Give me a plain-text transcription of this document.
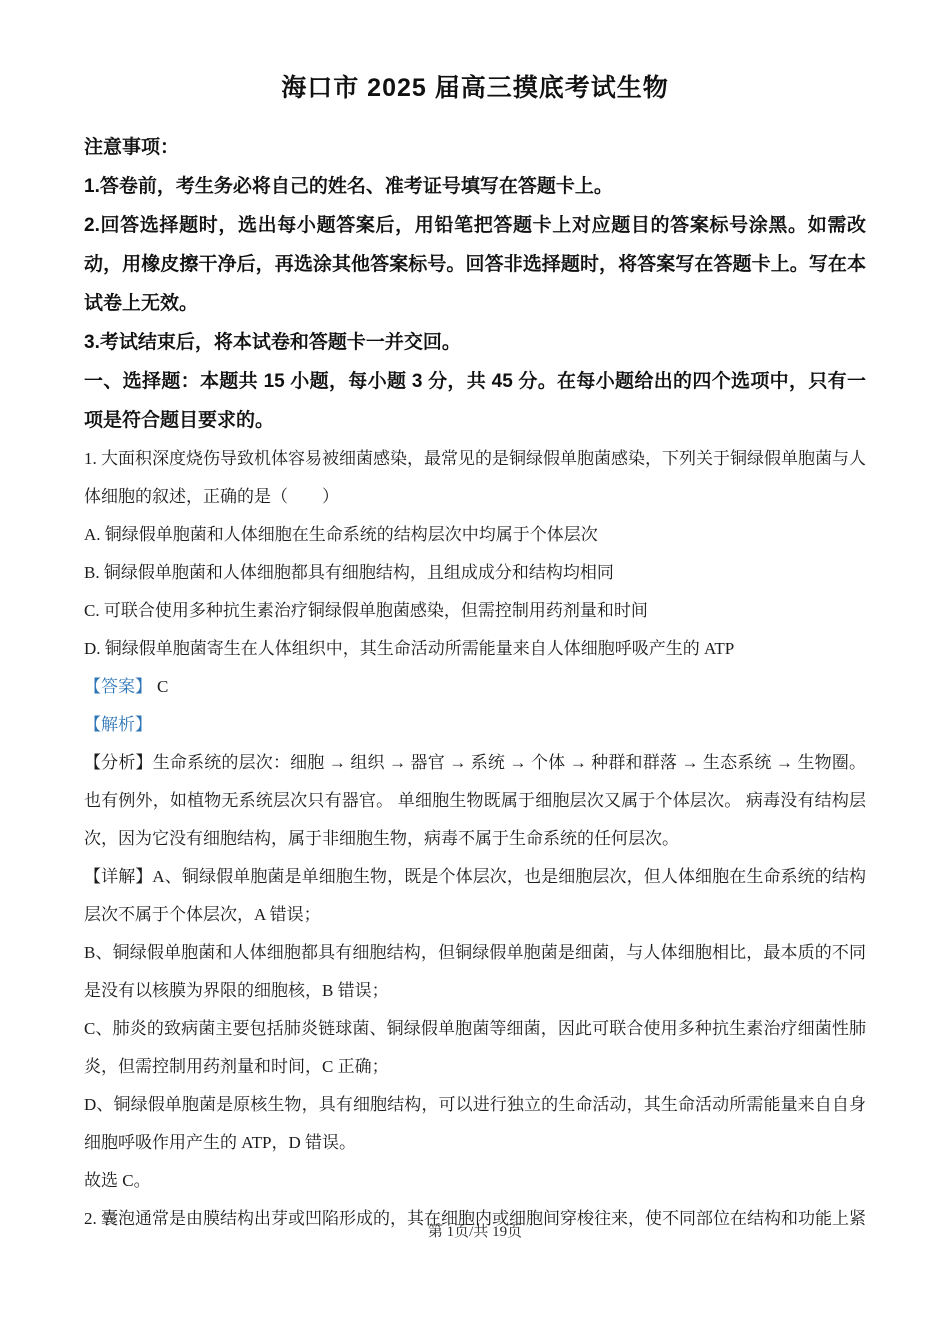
海口市 2025 届高三摸底考试生物

注意事项：

1.答卷前，考生务必将自己的姓名、准考证号填写在答题卡上。

2.回答选择题时，选出每小题答案后，用铅笔把答题卡上对应题目的答案标号涂黑。如需改动，用橡皮擦干净后，再选涂其他答案标号。回答非选择题时，将答案写在答题卡上。写在本试卷上无效。

3.考试结束后，将本试卷和答题卡一并交回。

一、选择题：本题共 15 小题，每小题 3 分，共 45 分。在每小题给出的四个选项中，只有一项是符合题目要求的。

1. 大面积深度烧伤导致机体容易被细菌感染，最常见的是铜绿假单胞菌感染，下列关于铜绿假单胞菌与人体细胞的叙述，正确的是（　　）

A. 铜绿假单胞菌和人体细胞在生命系统的结构层次中均属于个体层次

B. 铜绿假单胞菌和人体细胞都具有细胞结构，且组成成分和结构均相同

C. 可联合使用多种抗生素治疗铜绿假单胞菌感染，但需控制用药剂量和时间

D. 铜绿假单胞菌寄生在人体组织中，其生命活动所需能量来自人体细胞呼吸产生的 ATP

【答案】 C

【解析】

【分析】生命系统的层次：细胞 → 组织 → 器官 → 系统 → 个体 → 种群和群落 → 生态系统 → 生物圈。 也有例外，如植物无系统层次只有器官。 单细胞生物既属于细胞层次又属于个体层次。 病毒没有结构层次，因为它没有细胞结构，属于非细胞生物，病毒不属于生命系统的任何层次。

【详解】A、铜绿假单胞菌是单细胞生物，既是个体层次，也是细胞层次，但人体细胞在生命系统的结构层次不属于个体层次，A 错误；

B、铜绿假单胞菌和人体细胞都具有细胞结构，但铜绿假单胞菌是细菌，与人体细胞相比，最本质的不同是没有以核膜为界限的细胞核，B 错误；

C、肺炎的致病菌主要包括肺炎链球菌、铜绿假单胞菌等细菌，因此可联合使用多种抗生素治疗细菌性肺炎，但需控制用药剂量和时间，C 正确；

D、铜绿假单胞菌是原核生物，具有细胞结构，可以进行独立的生命活动，其生命活动所需能量来自自身细胞呼吸作用产生的 ATP，D 错误。

故选 C。

2. 囊泡通常是由膜结构出芽或凹陷形成的，其在细胞内或细胞间穿梭往来，使不同部位在结构和功能上紧

第 1页/共 19页
